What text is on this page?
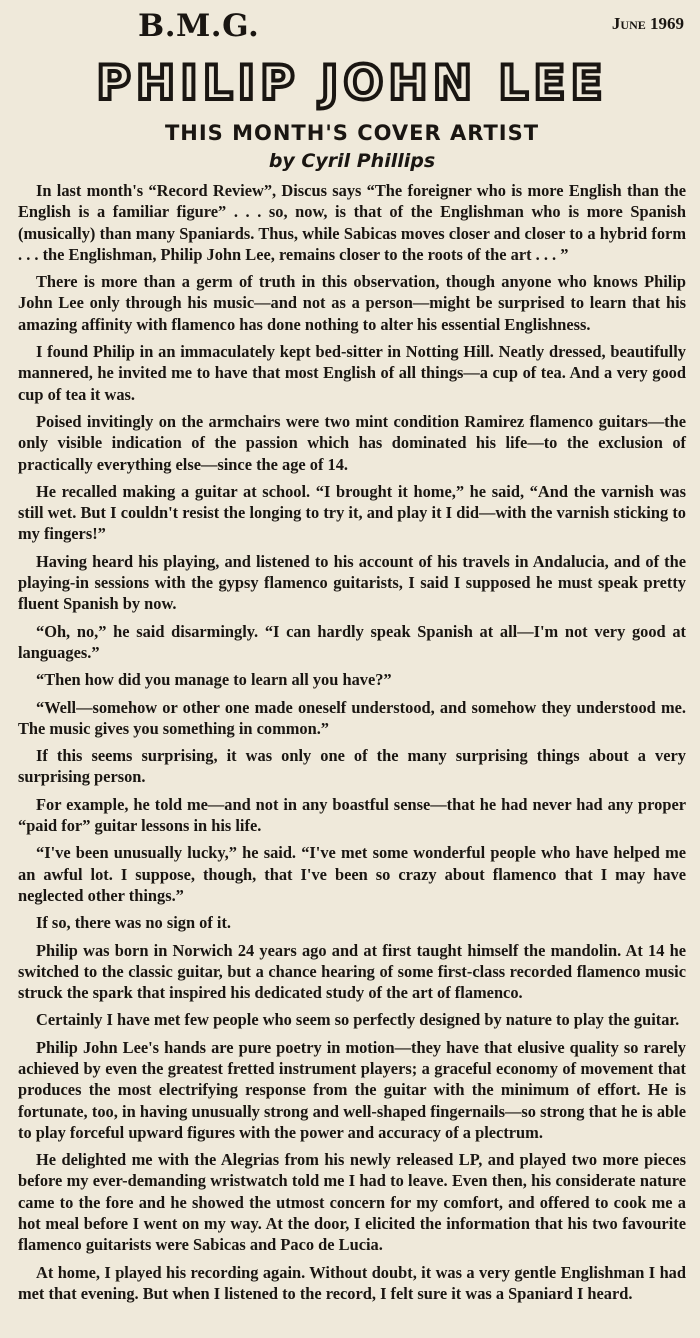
B.M.G.	June 1969
PHILIP JOHN LEE
THIS MONTH'S COVER ARTIST
by Cyril Phillips

In last month's “Record Review”, Discus says “The foreigner who is more English than the English is a familiar figure” . . . so, now, is that of the Englishman who is more Spanish (musically) than many Spaniards. Thus, while Sabicas moves closer and closer to a hybrid form . . . the Englishman, Philip John Lee, remains closer to the roots of the art . . . ”

There is more than a germ of truth in this observation, though anyone who knows Philip John Lee only through his music—and not as a person—might be surprised to learn that his amazing affinity with flamenco has done nothing to alter his essential Englishness.

I found Philip in an immaculately kept bed-sitter in Notting Hill. Neatly dressed, beautifully mannered, he invited me to have that most English of all things—a cup of tea. And a very good cup of tea it was.

Poised invitingly on the armchairs were two mint condition Ramirez flamenco guitars—the only visible indication of the passion which has dominated his life—to the exclusion of practically everything else—since the age of 14.

He recalled making a guitar at school. “I brought it home,” he said, “And the varnish was still wet. But I couldn't resist the longing to try it, and play it I did—with the varnish sticking to my fingers!”

Having heard his playing, and listened to his account of his travels in Andalucia, and of the playing-in sessions with the gypsy flamenco guitarists, I said I supposed he must speak pretty fluent Spanish by now.

“Oh, no,” he said disarmingly. “I can hardly speak Spanish at all—I'm not very good at languages.”

“Then how did you manage to learn all you have?”

“Well—somehow or other one made oneself understood, and somehow they understood me. The music gives you something in common.”

If this seems surprising, it was only one of the many surprising things about a very surprising person.

For example, he told me—and not in any boastful sense—that he had never had any proper “paid for” guitar lessons in his life.

“I've been unusually lucky,” he said. “I've met some wonderful people who have helped me an awful lot. I suppose, though, that I've been so crazy about flamenco that I may have neglected other things.”

If so, there was no sign of it.

Philip was born in Norwich 24 years ago and at first taught himself the mandolin. At 14 he switched to the classic guitar, but a chance hearing of some first-class recorded flamenco music struck the spark that inspired his dedicated study of the art of flamenco.

Certainly I have met few people who seem so perfectly designed by nature to play the guitar.

Philip John Lee's hands are pure poetry in motion—they have that elusive quality so rarely achieved by even the greatest fretted instrument players; a graceful economy of movement that produces the most electrifying response from the guitar with the minimum of effort. He is fortunate, too, in having unusually strong and well-shaped fingernails—so strong that he is able to play forceful upward figures with the power and accuracy of a plectrum.

He delighted me with the Alegrias from his newly released LP, and played two more pieces before my ever-demanding wristwatch told me I had to leave. Even then, his considerate nature came to the fore and he showed the utmost concern for my comfort, and offered to cook me a hot meal before I went on my way. At the door, I elicited the information that his two favourite flamenco guitarists were Sabicas and Paco de Lucia.

At home, I played his recording again. Without doubt, it was a very gentle Englishman I had met that evening. But when I listened to the record, I felt sure it was a Spaniard I heard.
